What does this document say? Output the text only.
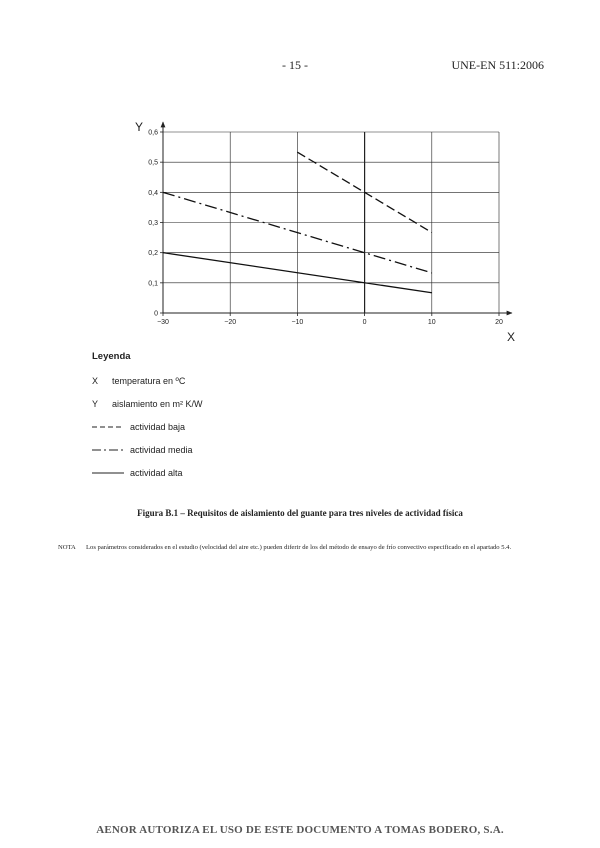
- 15 -	UNE-EN 511:2006
X
Y
−30	−20	−10	0	10	20
0
0,1
0,2
0,3
0,4
0,5
0,6
Leyenda
X	temperatura en ºC
Y	aislamiento en m² K/W
actividad baja
actividad media
actividad alta
Figura B.1 – Requisitos de aislamiento del guante para tres niveles de actividad física
NOTA Los parámetros considerados en el estudio (velocidad del aire etc.) pueden diferir de los del método de ensayo de frío convectivo especificado en el apartado 5.4.
AENOR AUTORIZA EL USO DE ESTE DOCUMENTO A TOMAS BODERO, S.A.
